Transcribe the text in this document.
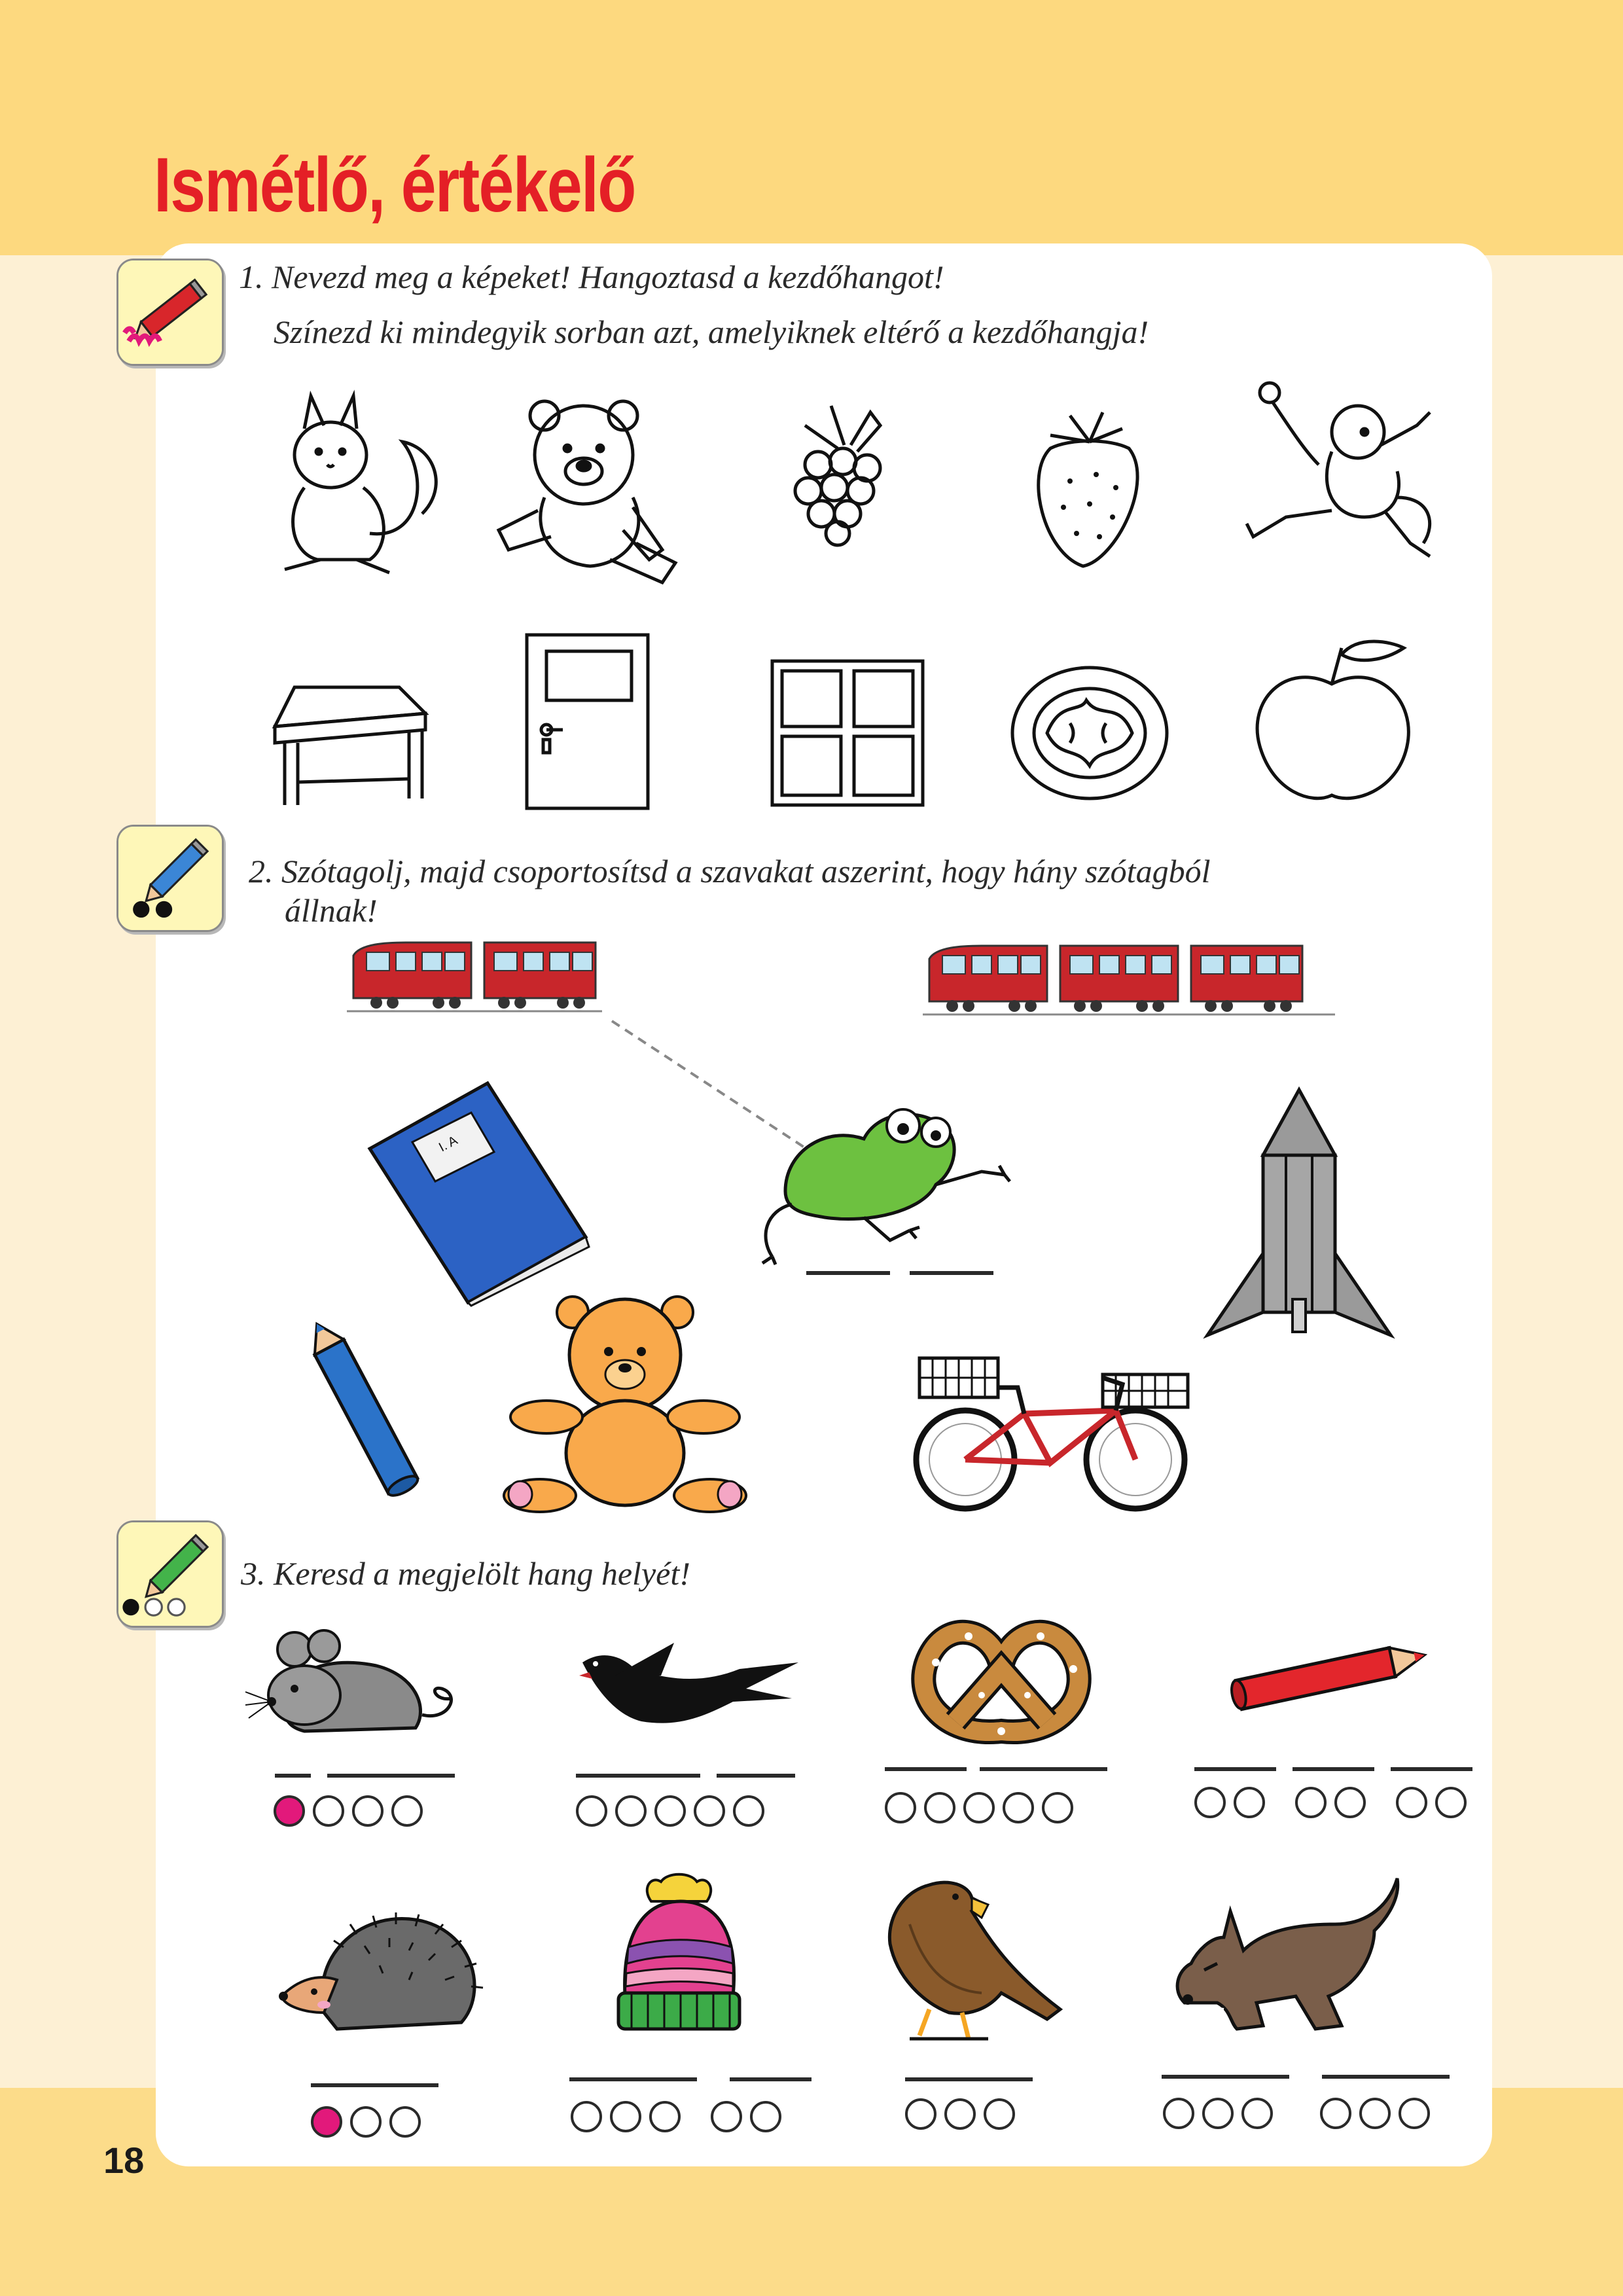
Ismétlő, értékelő
1. Nevezd meg a képeket! Hangoztasd a kezdőhangot!
Színezd ki mindegyik sorban azt, amelyiknek eltérő a kezdőhangja!
2. Szótagolj, majd csoportosítsd a szavakat aszerint, hogy hány szótagból
állnak!
I. A
3. Keresd a megjelölt hang helyét!
18
